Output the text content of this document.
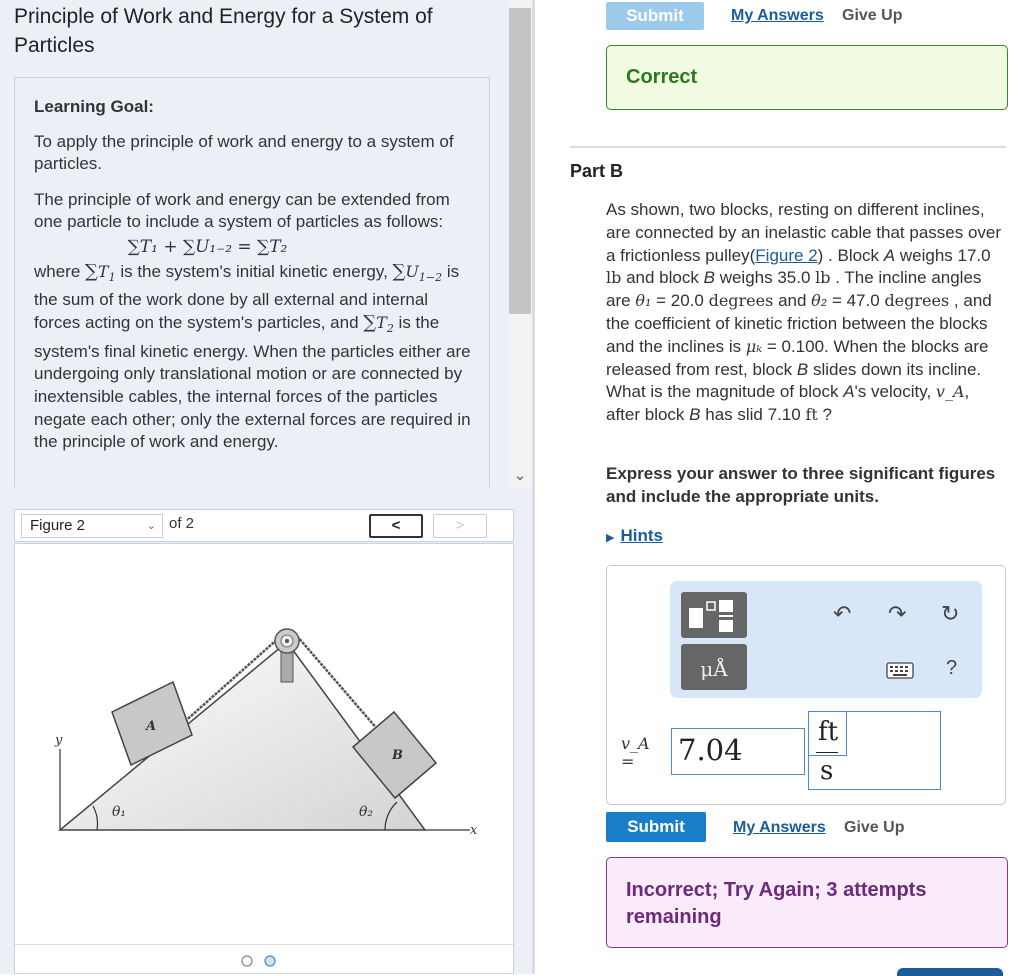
Principle of Work and Energy for a System of Particles

Learning Goal:

To apply the principle of work and energy to a system of particles.

The principle of work and energy can be extended from one particle to include a system of particles as follows:

∑T₁ + ∑U₁₋₂ = ∑T₂

where $\sum T_1$ is the system's initial kinetic energy, $\sum U_{1-2}$ is the sum of the work done by all external and internal forces acting on the system's particles, and $\sum T_2$ is the system's final kinetic energy. When the particles either are undergoing only translational motion or are connected by inextensible cables, the internal forces of the particles negate each other; only the external forces are required in the principle of work and energy.

⌄
Figure 2	⌄ of 2	<	>
y
x
A
B
θ₁	θ₂
Submit	My Answers Give Up
Correct
Part B

As shown, two blocks, resting on different inclines, are connected by an inelastic cable that passes over a frictionless pulley(Figure 2) . Block A weighs 17.0 lb and block B weighs 35.0 lb . The incline angles are θ₁ = 20.0 degrees and θ₂ = 47.0 degrees , and the coefficient of kinetic friction between the blocks and the inclines is μₖ = 0.100. When the blocks are released from rest, block B slides down its incline. What is the magnitude of block A's velocity, v_A, after block B has slid 7.10 ft ?

Express your answer to three significant figures and include the appropriate units.

▶ Hints
μÅ
↶ ↷ ↻
?
v_A
=	7.04
ft
s
Submit	My Answers Give Up
Incorrect; Try Again; 3 attempts remaining
